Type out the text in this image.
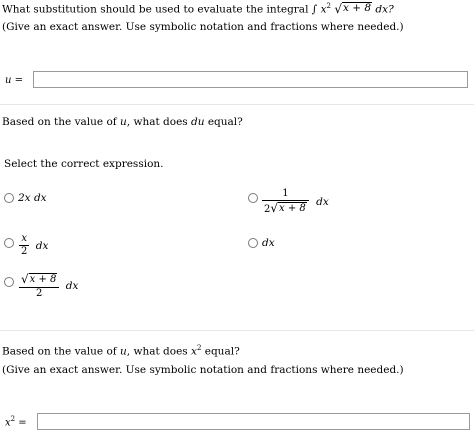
What substitution should be used to evaluate the integral ∫ $x^2$ √ x + 8 dx?
(Give an exact answer. Use symbolic notation and fractions where needed.)
u =
Based on the value of u, what does du equal?
Select the correct expression.
2x dx	$\frac{1}{2 √ x + 8}$ dx
$\frac{x}{2}$ dx	dx
$\frac{√ x + 8}{2}$ dx
Based on the value of u, what does $x^2$ equal?
(Give an exact answer. Use symbolic notation and fractions where needed.)
$x^2$ =
